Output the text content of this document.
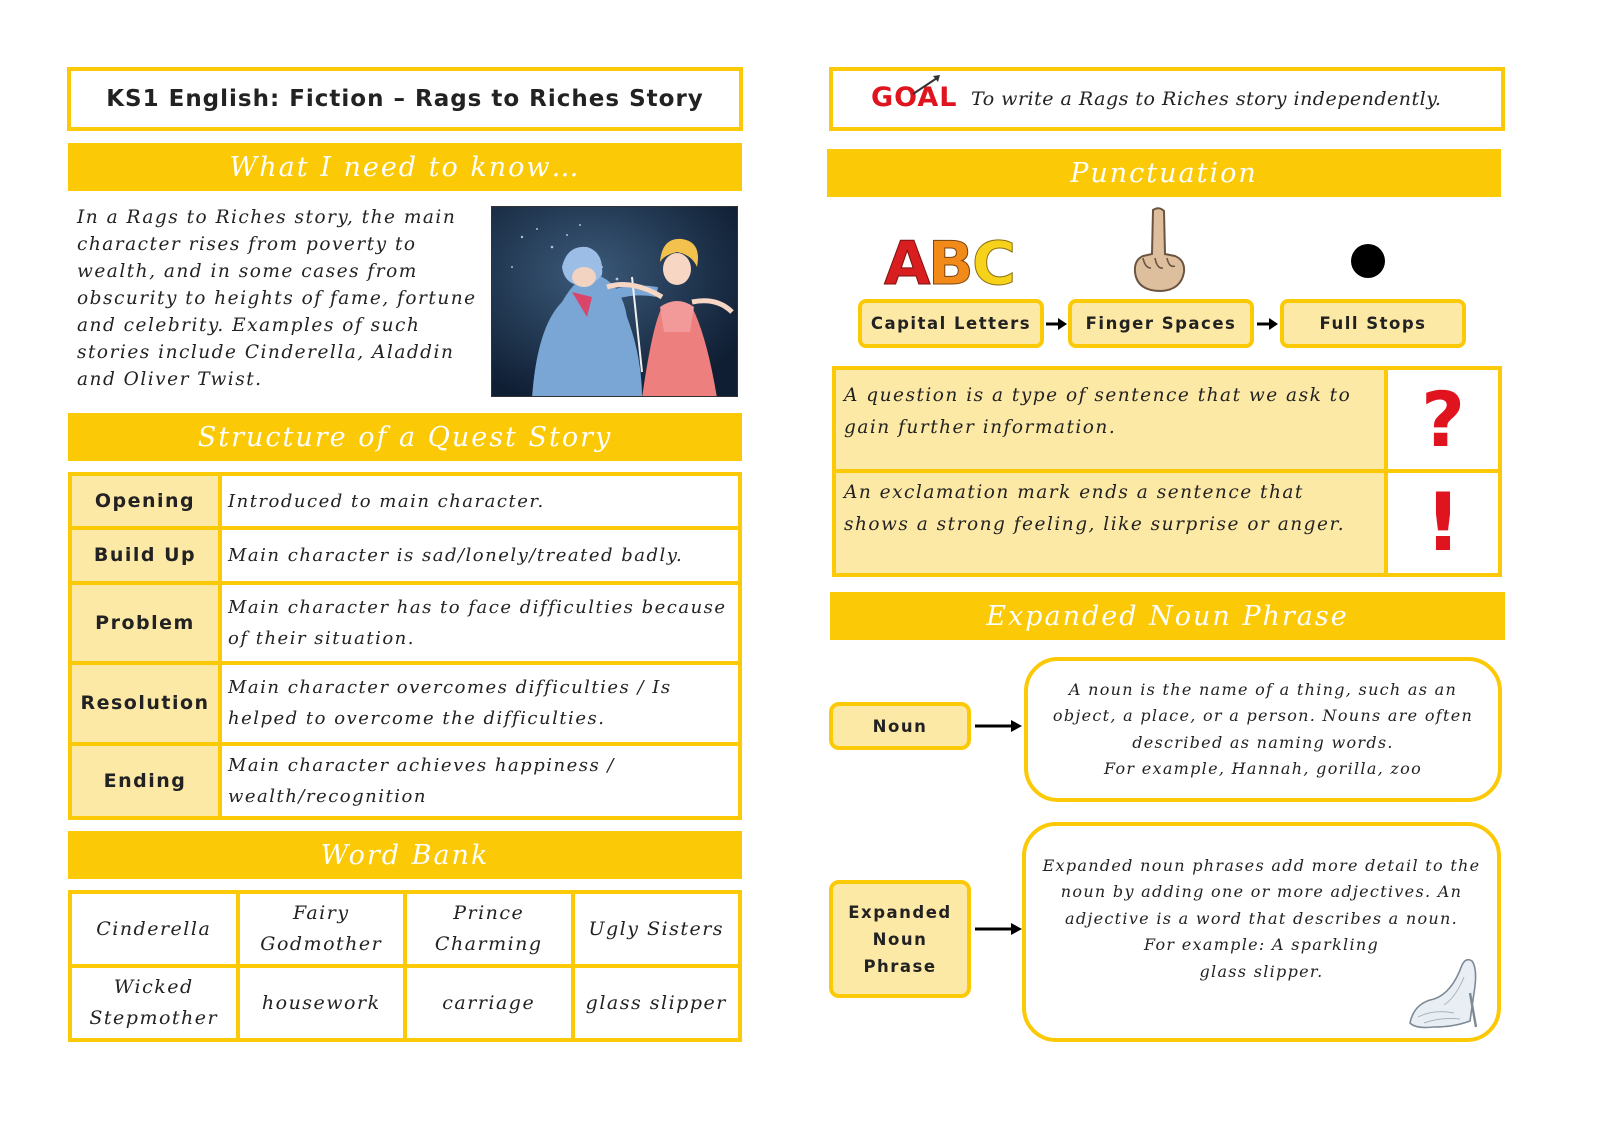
KS1 English: Fiction – Rags to Riches Story
What I need to know…
In a Rags to Riches story, the main character rises from poverty to wealth, and in some cases from obscurity to heights of fame, fortune and celebrity. Examples of such stories include Cinderella, Aladdin and Oliver Twist.
Structure of a Quest Story
Opening	Introduced to main character.
Build Up	Main character is sad/lonely/treated badly.
Problem	Main character has to face difficulties because of their situation.
Resolution	Main character overcomes difficulties / Is helped to overcome the difficulties.
Ending	Main character achieves happiness / wealth/recognition
Word Bank
Cinderella	Fairy Godmother	Prince Charming	Ugly Sisters
Wicked Stepmother	housework	carriage	glass slipper
GOAL To write a Rags to Riches story independently.
Punctuation
A
B
C
Capital Letters	Finger Spaces	Full Stops
A question is a type of sentence that we ask to gain further information.	?
An exclamation mark ends a sentence that shows a strong feeling, like surprise or anger. !
Expanded Noun Phrase
Noun
A noun is the name of a thing, such as an object, a place, or a person. Nouns are often described as naming words.
For example, Hannah, gorilla, zoo
Expanded Noun Phrase
Expanded noun phrases add more detail to the noun by adding one or more adjectives. An adjective is a word that describes a noun.
For example: A sparkling glass slipper.
